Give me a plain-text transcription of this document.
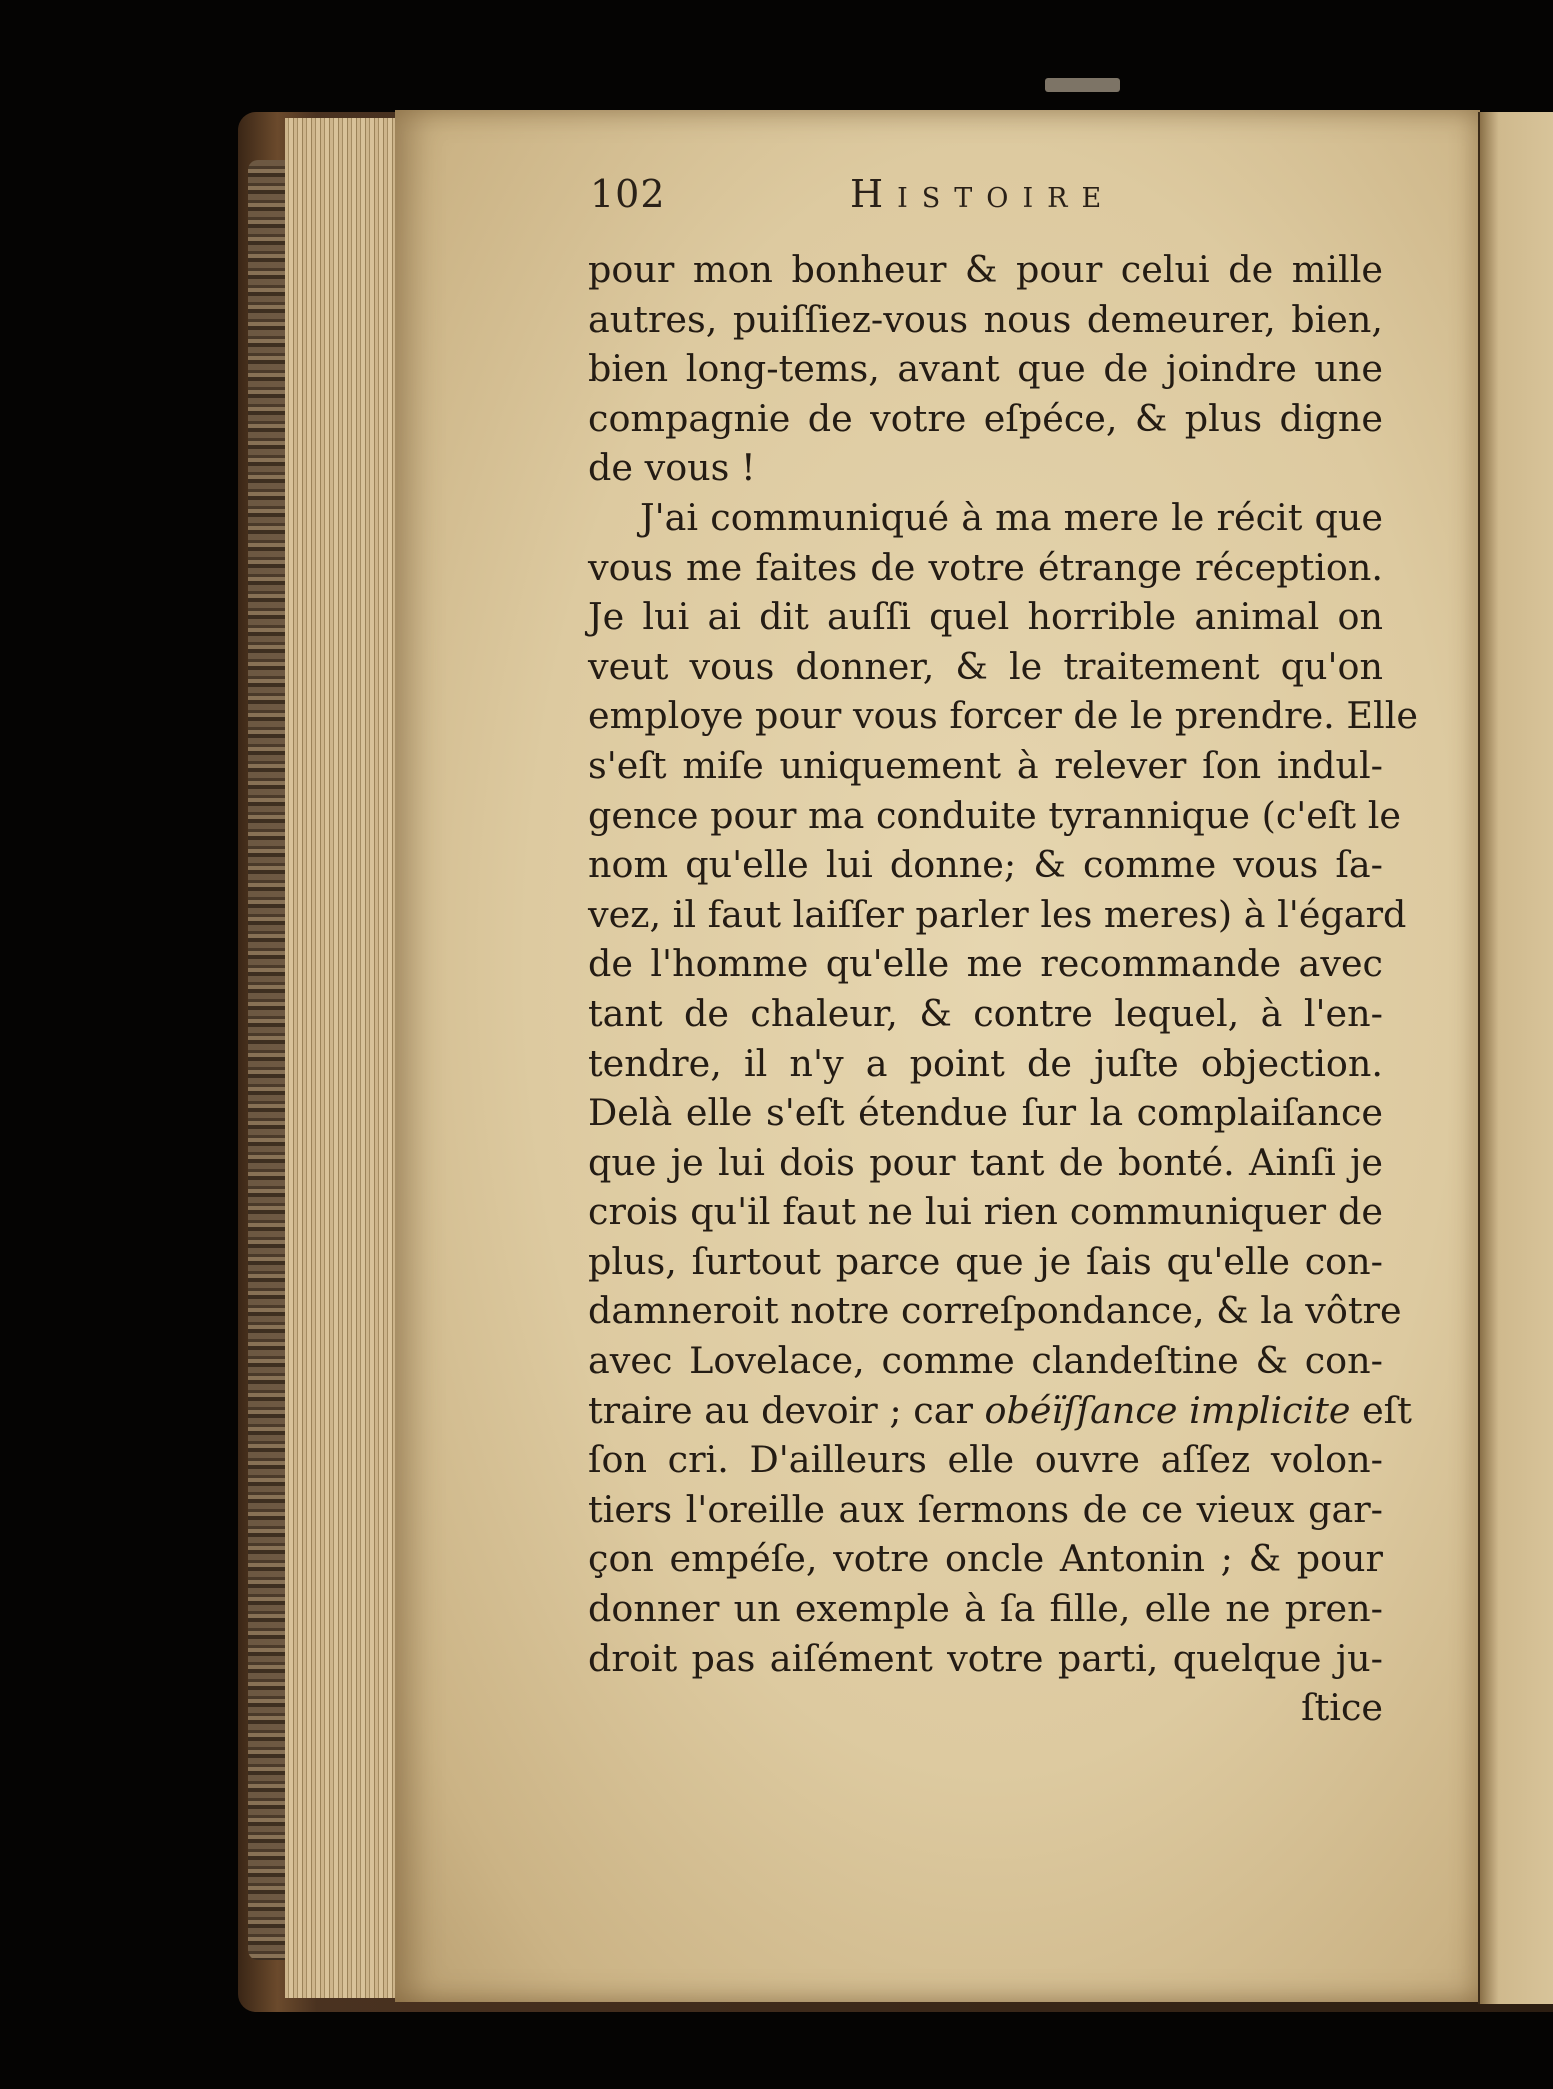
102	Histoire
pour mon bonheur & pour celui de mille
autres, puiſſiez-vous nous demeurer, bien,
bien long-tems, avant que de joindre une
compagnie de votre eſpéce, & plus digne
de vous !
J'ai communiqué à ma mere le récit que
vous me faites de votre étrange réception.
Je lui ai dit auſſi quel horrible animal on
veut vous donner, & le traitement qu'on
employe pour vous forcer de le prendre. Elle
s'eſt miſe uniquement à relever ſon indul-
gence pour ma conduite tyrannique (c'eſt le
nom qu'elle lui donne; & comme vous ſa-
vez, il faut laiſſer parler les meres) à l'égard
de l'homme qu'elle me recommande avec
tant de chaleur, & contre lequel, à l'en-
tendre, il n'y a point de juſte objection.
Delà elle s'eſt étendue ſur la complaiſance
que je lui dois pour tant de bonté. Ainſi je
crois qu'il faut ne lui rien communiquer de
plus, ſurtout parce que je ſais qu'elle con-
damneroit notre correſpondance, & la vôtre
avec Lovelace, comme clandeſtine & con-
traire au devoir ; car obéïſſance implicite eſt
ſon cri. D'ailleurs elle ouvre aſſez volon-
tiers l'oreille aux ſermons de ce vieux gar-
çon empéſe, votre oncle Antonin ; & pour
donner un exemple à ſa fille, elle ne pren-
droit pas aiſément votre parti, quelque ju-
ſtice
